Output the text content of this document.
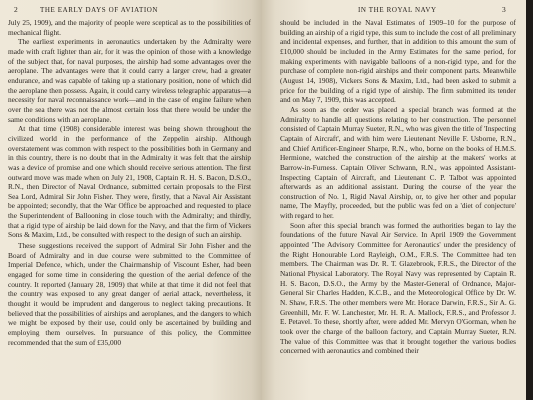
2	THE EARLY DAYS OF AVIATION

July 25, 1909), and the majority of people were sceptical as to the possibilities of mechanical flight.

The earliest experiments in aeronautics undertaken by the Admiralty were made with craft lighter than air, for it was the opinion of those with a knowledge of the subject that, for naval purposes, the airship had some advantages over the aeroplane. The advantages were that it could carry a larger crew, had a greater endurance, and was capable of taking up a stationary position, none of which did the aeroplane then possess. Again, it could carry wireless telegraphic apparatus—a necessity for naval reconnaissance work—and in the case of engine failure when over the sea there was not the almost certain loss that there would be under the same conditions with an aeroplane.

At that time (1908) considerable interest was being shown throughout the civilized world in the performance of the Zeppelin airship. Although overstatement was common with respect to the possibilities both in Germany and in this country, there is no doubt that in the Admiralty it was felt that the airship was a device of promise and one which should receive serious attention. The first outward move was made when on July 21, 1908, Captain R. H. S. Bacon, D.S.O., R.N., then Director of Naval Ordnance, submitted certain proposals to the First Sea Lord, Admiral Sir John Fisher. They were, firstly, that a Naval Air Assistant be appointed; secondly, that the War Office be approached and requested to place the Superintendent of Ballooning in close touch with the Admiralty; and thirdly, that a rigid type of airship be laid down for the Navy, and that the firm of Vickers Sons & Maxim, Ltd., be consulted with respect to the design of such an airship.

These suggestions received the support of Admiral Sir John Fisher and the Board of Admiralty and in due course were submitted to the Committee of Imperial Defence, which, under the Chairmanship of Viscount Esher, had been engaged for some time in considering the question of the aerial defence of the country. It reported (January 28, 1909) that while at that time it did not feel that the country was exposed to any great danger of aerial attack, nevertheless, it thought it would be imprudent and dangerous to neglect taking precautions. It believed that the possibilities of airships and aeroplanes, and the dangers to which we might be exposed by their use, could only be ascertained by building and employing them ourselves. In pursuance of this policy, the Committee recommended that the sum of £35,000

IN THE ROYAL NAVY	3

should be included in the Naval Estimates of 1909–10 for the purpose of building an airship of a rigid type, this sum to include the cost of all preliminary and incidental expenses, and further, that in addition to this amount the sum of £10,000 should be included in the Army Estimates for the same period, for making experiments with navigable balloons of a non-rigid type, and for the purchase of complete non-rigid airships and their component parts. Meanwhile (August 14, 1908), Vickers Sons & Maxim, Ltd., had been asked to submit a price for the building of a rigid type of airship. The firm submitted its tender and on May 7, 1909, this was accepted.

As soon as the order was placed a special branch was formed at the Admiralty to handle all questions relating to her construction. The personnel consisted of Captain Murray Sueter, R.N., who was given the title of 'Inspecting Captain of Aircraft', and with him were Lieutenant Neville F. Usborne, R.N., and Chief Artificer-Engineer Sharpe, R.N., who, borne on the books of H.M.S. Hermione, watched the construction of the airship at the makers' works at Barrow-in-Furness. Captain Oliver Schwann, R.N., was appointed Assistant-Inspecting Captain of Aircraft, and Lieutenant C. P. Talbot was appointed afterwards as an additional assistant. During the course of the year the construction of No. 1, Rigid Naval Airship, or, to give her other and popular name, The Mayfly, proceeded, but the public was fed on a 'diet of conjecture' with regard to her.

Soon after this special branch was formed the authorities began to lay the foundations of the future Naval Air Service. In April 1909 the Government appointed 'The Advisory Committee for Aeronautics' under the presidency of the Right Honourable Lord Rayleigh, O.M., F.R.S. The Committee had ten members. The Chairman was Dr. R. T. Glazebrook, F.R.S., the Director of the National Physical Laboratory. The Royal Navy was represented by Captain R. H. S. Bacon, D.S.O., the Army by the Master-General of Ordnance, Major-General Sir Charles Hadden, K.C.B., and the Meteorological Office by Dr. W. N. Shaw, F.R.S. The other members were Mr. Horace Darwin, F.R.S., Sir A. G. Greenhill, Mr. F. W. Lanchester, Mr. H. R. A. Mallock, F.R.S., and Professor J. E. Petavel. To these, shortly after, were added Mr. Mervyn O'Gorman, when he took over the charge of the balloon factory, and Captain Murray Sueter, R.N. The value of this Committee was that it brought together the various bodies concerned with aeronautics and combined their
